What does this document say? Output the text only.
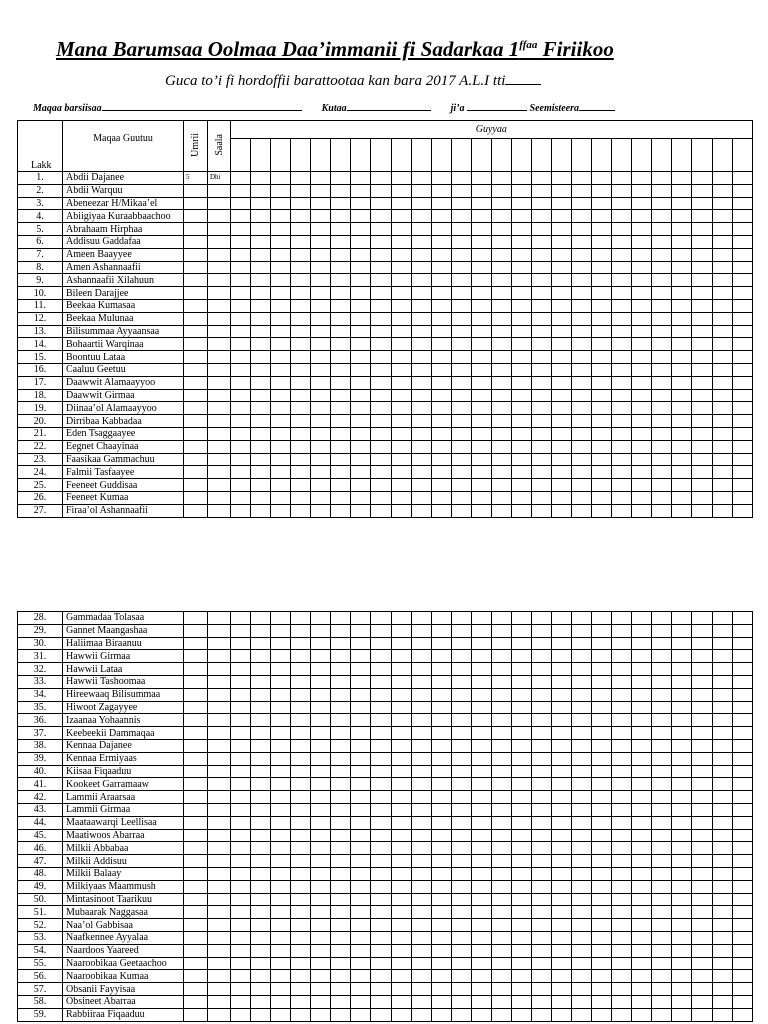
Mana Barumsaa Oolmaa Daa’immanii fi Sadarkaa $1^{ffaa}$ Firiikoo
Guca to’i fi hordoffii barattootaa kan bara 2017 A.L.I tti
Maqaa barsiisaa	Kutaa	ji’a	Seemisteera
Lakk	Maqaa Guutuu	Umrii	Saala	Guyyaa																									

1.	Abdii Dajanee	5	Dhi																										
2.	Abdii Warquu																												
3.	Abeneezar H/Mikaa’el																												
4.	Abiigiyaa Kuraabbaachoo																												
5.	Abrahaam Hirphaa																												
6.	Addisuu Gaddafaa																												
7.	Ameen Baayyee																												
8.	Amen Ashannaafii																												
9.	Ashannaafii Xilahuun																												
10.	Bileen Darajjee																												
11.	Beekaa Kumasaa																												
12.	Beekaa Mulunaa																												
13.	Bilisummaa Ayyaansaa																												
14.	Bohaartii Warqinaa																												
15.	Boontuu Lataa																												
16.	Caaluu Geetuu																												
17.	Daawwit Alamaayyoo																												
18.	Daawwit Girmaa																												
19.	Diinaa’ol Alamaayyoo																												
20.	Dirribaa Kabbadaa																												
21.	Eden Tsaggaayee																												
22.	Eegnet Chaayinaa																												
23.	Faasikaa Gammachuu																												
24.	Falmii Tasfaayee																												
25.	Feeneet Guddisaa																												
26.	Feeneet Kumaa																												
27.	Firaa’ol Ashannaafii																												
28.	Gammadaa Tolasaa																												
29.	Gannet Maangashaa																												
30.	Haliimaa Biraanuu																												
31.	Hawwii Girmaa																												
32.	Hawwii Lataa																												
33.	Hawwii Tashoomaa																												
34.	Hireewaaq Bilisummaa																												
35.	Hiwoot Zagayyee																												
36.	Izaanaa Yohaannis																												
37.	Keebeekii Dammaqaa																												
38.	Kennaa Dajanee																												
39.	Kennaa Ermiyaas																												
40.	Kiisaa Fiqaaduu																												
41.	Kookeet Garramaaw																												
42.	Lammii Araarsaa																												
43.	Lammii Girmaa																												
44.	Maataawarqi Leellisaa																												
45.	Maatiwoos Abarraa																												
46.	Milkii Abbabaa																												
47.	Milkii Addisuu																												
48.	Milkii Balaay																												
49.	Milkiyaas Maammush																												
50.	Mintasinoot Taarikuu																												
51.	Mubaarak Naggasaa																												
52.	Naa’ol Gabbisaa																												
53.	Naafkennee Ayyalaa																												
54.	Naardoos Yaareed																												
55.	Naaroobikaa Geetaachoo																												
56.	Naaroobikaa Kumaa																												
57.	Obsanii Fayyisaa																												
58.	Obsineet Abarraa																												
59.	Rabbiiraa Fiqaaduu																												
